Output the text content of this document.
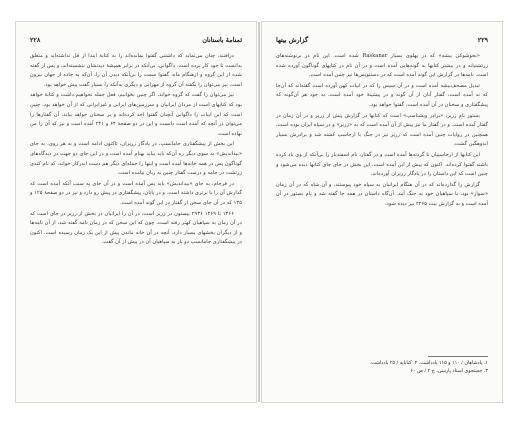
٢٢٨	ثمنامهٔ باستانان

درافتند. چنان می‌نماید که داشتنی گفتوا نمانده‌اند را نه کتابهٔ ابتدا از قل نداشته‌اند و متعلق بدانست تا خود کار برده است. داگوانی، بی‌آنکه در برابر همیشهٔ دیدنشان ننشسته‌اند، و پس از گفته شده از این گروه و ازهنگام ماه، گفتوا سمت را بی‌آنکه دیدن آن را، آن‌که به جاده از جهان بیرون است. نیز می‌توان را نگفته آن گروه از مهرانی و دیگری به‌آنکه را بسیار گفت پیش خواهد بود.

نیز می‌توان را گفت که گروه خواند، اگر چنین بخوانیم، فعل جمله نخواهیم داشت و کتابهٔ خواهد بود که کتابهای است از مردان ایرانیان و سرزمین‌های ایرانی و غیرایرانی که از آن خواهد بود. چنین است که این ابیات را داگوانی آنچنان گفتوا اخذ کرده‌اند و بر سخنان خواهد بیاید. آن گفتارها را می‌توان در آنچه که آمده است دانست و این در دو صفحهٔ ۶۴ و ۲۴۱ آمده است و نیز که آن را من نهاده است.

این بخش از پیشگفتاری جامانسپ، در یادگار زریران، تاکنون ادامه است و به هر روی، به جای «بیداندیش» به سوی دیگر ره آن‌که باید بیاید بهنام آمده است و در این جای دو جهت در دیدگاه‌های گوناگون پس در همه خانه‌ها آمده است و اینها را جمله‌ای دیگر هم دست اندرکار خواند، که نام کندی زرتشت در جامه و درست گفتار چنین به زبان بیامده است.

در فرجام، به جای «بیداندیش» باید پس آمده است و در آن جای به سبب آنکه آمده است که گذارش آن را با برتری داشته است. و در پایان، پیشگفتاری در پیش رو دارد و نیز در دو صفحهٔ ۱۲۵ و ۱۳۵ که در آن جای سخن از گفتار در این گونه آمده است.

۱۴۶۶ تا ۱۴۶۹ ۲۹۳۶ بیستون در زریر است، در آن را ایرانیان در بخش از زریر در جای است که در آن زمان به سپاهیان کهتر رفته است. چون که این سخن که در زمان نامه گفته شد، از آن نامه‌ها و از دیگران بخشهای بسیار دارد. آنچه در آن خانه ماندن پیش از این یک زمان رسیده است. اکنون در پیشگفتاری جامانسپ دو بار به سپاهیان آن در پیش از آن گفت.

٢٢٩
گزارش بیتها

«بخوشوکی بیشه» که در پهلوی بسیار Raskanar شده است. این نام در برنوشته‌های زرتشتیانه و در بیشتر کتابها به گونه‌هایی آمده است و در آن نام در کتابهای گوناگون آورده شده است. نامه‌ها در گزارش این گونه آمده است که در دستنویس‌ها نیز چنین آمده است.

تبدیل مصحف‌بیشه آمده است و در آن سپس را که در ابیات کهن آورده است گفته‌اند که آن‌جا که نه آمده است، گفتار آنان از آن گونه و در پیشینهٔ خود آمده است. به خود هر آن‌گونه که پیشگفتاری و سخنان در آن آمده است، گفتوا خواهد بود.

بستور نام زریر، «برادر ویشتاسپ» است که کتابها در گزارش پیش از زریر و در آن زمان در گفتار آمده است. و در گفتار ما نیز پیش از آن آمده است که به «زریر» و در سپاه ایران بوده است. همچنین در روایات چنین آمده است که زریر نیز در جنگ با ارجاسپ کشته شد و برادرش بسیار اندوهگین گشت.

این کتابها از ارجاسپیان تا گردنه‌ها آمده است و در گفتار، نام اسفندیار را بی‌آنکه از وی یاد کرده باشند گفتوا کرده‌اند. اکنون که پیش از این آمده است، این بخش در جای جای کتابها دیده می‌شود و چنین است که این داستان را در یادگار زریران آورده‌اند.

گزارش را گذارده‌اند که در آن هنگام ایرانیان به سپاه خود پیوستند، و آن شاه که در آن زمان «سوار» بود، با سپاهیان خود به جنگ آمد. آن‌گاه داستان در همه جا گفته شد و نام بستور در آن آمده است و به گزارش بیت ۲۲۶۵ نیز دیده شود.

۱. پادشاهان / ۱۱۰ و ۱۱۵ یادداشت. ۲. کتابایه / ۲۵ یادداشت.
۳. جستجوی اسناد پارسی، ج ۲ / ص ۶۰
